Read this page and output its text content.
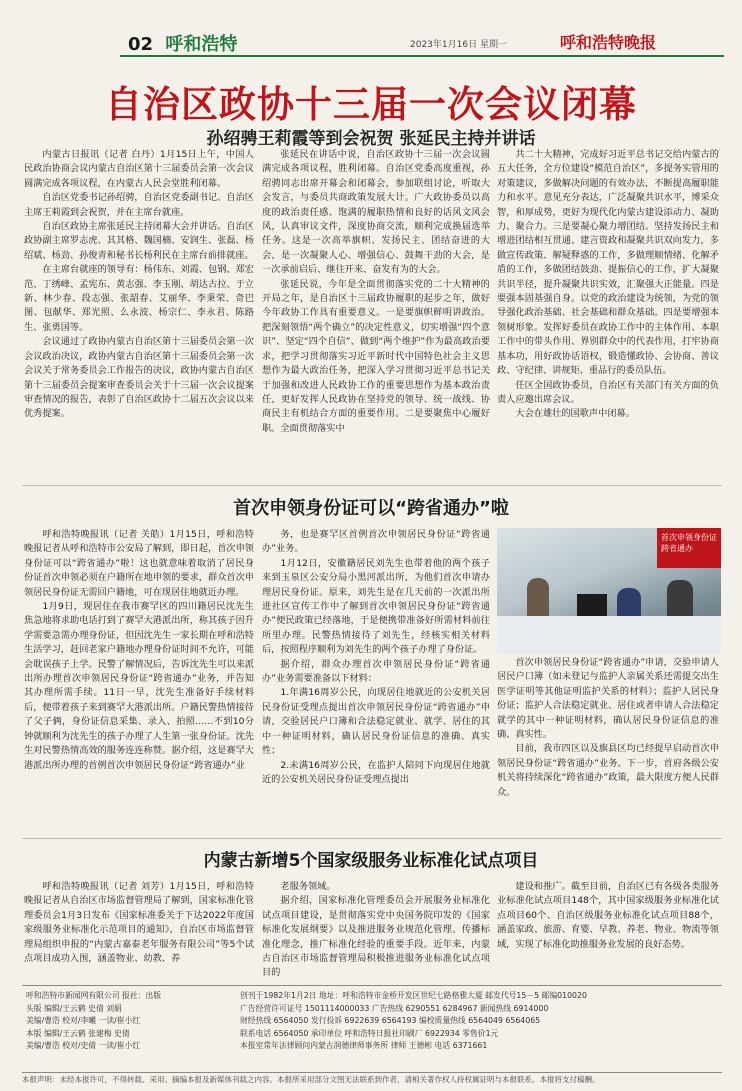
02 呼和浩特	2023年1月16日 星期一	呼和浩特晚报
自治区政协十三届一次会议闭幕
孙绍骋王莉霞等到会祝贺 张延民主持并讲话

内蒙古日报讯（记者 白丹）1月15日上午，中国人民政治协商会议内蒙古自治区第十三届委员会第一次会议圆满完成各项议程，在内蒙古人民会堂胜利闭幕。

自治区党委书记孙绍骋，自治区党委副书记、自治区主席王莉霞到会祝贺，并在主席台就座。

自治区政协主席张延民主持闭幕大会并讲话。自治区政协副主席罗志虎、其其格、魏国楠、安润生、张磊、杨绍斌、杨劲、孙俊青和秘书长杨利民在主席台前排就座。

在主席台就座的领导有：杨伟东、刘霞、包钢、郑宏范、丁绣峰、孟宪东、黄志强、李玉刚、胡达古拉、于立新、林少春、段志强、张韶春、艾丽华、李秉荣、奇巴图、包献华、郑光照、么永波、杨宗仁、李永君、陈路生、张勇国等。

会议通过了政协内蒙古自治区第十三届委员会第一次会议政治决议，政协内蒙古自治区第十三届委员会第一次会议关于常务委员会工作报告的决议，政协内蒙古自治区第十三届委员会提案审查委员会关于十三届一次会议提案审查情况的报告，表彰了自治区政协十二届五次会议以来优秀提案。

张延民在讲话中说，自治区政协十三届一次会议圆满完成各项议程，胜利闭幕。自治区党委高度重视，孙绍骋同志出席开幕会和闭幕会，参加联组讨论，听取大会发言，与委员共商政策发展大计。广大政协委员以高度的政治责任感、饱满的履职热情和良好的话风文风会风，认真审议文件，深度协商交流，顺利完成换届选举任务。这是一次高举旗帜、发扬民主、团结奋进的大会，是一次凝聚人心、增强信心、鼓舞干劲的大会，是一次承前启后、继往开来、奋发有为的大会。

张延民说，今年是全面贯彻落实党的二十大精神的开局之年，是自治区十三届政协履职的起步之年，做好今年政协工作具有重要意义。一是要旗帜鲜明讲政治。把深刻领悟“两个确立”的决定性意义，切实增强“四个意识”、坚定“四个自信”、做到“两个维护”作为最高政治要求，把学习贯彻落实习近平新时代中国特色社会主义思想作为最大政治任务，把深入学习贯彻习近平总书记关于加强和改进人民政协工作的重要思想作为基本政治责任，更好发挥人民政协在坚持党的领导、统一战线、协商民主有机结合方面的重要作用。二是要聚焦中心履好职。全面贯彻落实中

共二十大精神，完成好习近平总书记交给内蒙古的五大任务，全方位建设“模范自治区”，多提务实管用的对策建议，多做解决问题的有效办法，不断提高履职能力和水平。意见充分表达，广泛凝聚共识水平，博采众智，和厚成势，更好为现代化内蒙古建设添动力、凝助力、聚合力。三是要凝心聚力增团结。坚持发扬民主和增进团结相互贯通、建言资政和凝聚共识双向发力，多做宣传政策、解疑释惑的工作，多做理顺情绪、化解矛盾的工作，多做团结鼓劲、提振信心的工作，扩大凝聚共识半径，提升凝聚共识实效，汇聚强大正能量。四是要强本固基强自身。以党的政治建设为统领，为党的领导强化政治基础、社会基础和群众基础。四是要增强本领树形象。发挥好委员在政协工作中的主体作用、本职工作中的带头作用、界别群众中的代表作用，打牢协商基本功，用好政协话语权，锻造懂政协、会协商、善议政、守纪律、讲规矩、重品行的委员队伍。

任区全国政协委员，自治区有关部门有关方面的负责人应邀出席会议。

大会在雄壮的国歌声中闭幕。

首次申领身份证可以“跨省通办”啦

呼和浩特晚报讯（记者 关皓）1月15日，呼和浩特晚报记者从呼和浩特市公安局了解到，即日起，首次申领身份证可以“跨省通办”啦！这也就意味着取消了居民身份证首次申领必须在户籍所在地申领的要求，群众首次申领居民身份证无需回户籍地，可在现居住地就近办理。

1月9日，现居住在我市赛罕区的四川籍居民沈先生焦急地将求助电话打到了赛罕大港派出所，称其孩子因升学需要急需办理身份证，但因沈先生一家长期在呼和浩特生活学习，赶回老家户籍地办理身份证时间不允许，可能会耽误孩子上学。民警了解情况后，告诉沈先生可以来派出所办理首次申领居民身份证“跨省通办”业务，并告知其办理所需手续。11日一早，沈先生准备好手续材料后，便带着孩子来到赛罕大港派出所。户籍民警热情接待了父子俩，身份证信息采集、录入、拍照……不到10分钟就顺利为沈先生的孩子办理了人生第一张身份证。沈先生对民警热情高效的服务连连称赞。据介绍，这是赛罕大港派出所办理的首例首次申领居民身份证“跨省通办”业

务，也是赛罕区首例首次申领居民身份证“跨省通办”业务。

1月12日，安徽籍居民刘先生也带着他的两个孩子来到玉泉区公安分局小黑河派出所，为他们首次申请办理居民身份证。原来，刘先生是在几天前的一次派出所进社区宣传工作中了解到首次申领居民身份证“跨省通办”便民政策已经落地，于是便携带准备好所需材料前往所里办理。民警热情接待了刘先生，经核实相关材料后，按照程序顺利为刘先生的两个孩子办理了身份证。

据介绍，群众办理首次申领居民身份证“跨省通办”业务需要准备以下材料：

1.年满16周岁公民，向现居住地就近的公安机关居民身份证受理点提出首次申领居民身份证“跨省通办”申请，交验居民户口簿和合法稳定就业、就学、居住的其中一种证明材料，确认居民身份证信息的准确、真实性；

2.未满16周岁公民，在监护人陪同下向现居住地就近的公安机关居民身份证受理点提出

首次申领身份证跨省通办

首次申领居民身份证“跨省通办”申请，交验申请人居民户口簿（如未登记与监护人亲属关系还需提交出生医学证明等其他证明监护关系的材料）；监护人居民身份证；监护人合法稳定就业、居住或者申请人合法稳定就学的其中一种证明材料，确认居民身份证信息的准确、真实性。

目前，我市四区以及旗县区均已经提早启动首次申领居民身份证“跨省通办”业务。下一步，首府各级公安机关将持续深化“跨省通办”政策，最大限度方便人民群众。

内蒙古新增5个国家级服务业标准化试点项目

呼和浩特晚报讯（记者 刘芳）1月15日，呼和浩特晚报记者从自治区市场监督管理局了解到，国家标准化管理委员会1月3日发布《国家标准委关于下达2022年度国家级服务业标准化示范项目的通知》，自治区市场监督管理局组织申报的“内蒙古嘉泰老年服务有限公司”等5个试点项目成功入围，涵盖物业、幼教、养

老服务领域。

据介绍，国家标准化管理委员会开展服务业标准化试点项目建设，是贯彻落实党中央国务院印发的《国家标准化发展纲要》以及推进服务业规范化管理、传播标准化理念，推广标准化经验的重要手段。近年来，内蒙古自治区市场监督管理局积极推进服务业标准化试点项目的

建设和推广。截至目前，自治区已有各级各类服务业标准化试点项目148个，其中国家级服务业标准化试点项目60个、自治区级服务业标准化试点项目88个，涵盖家政、旅游、育婴、早教、养老、物业、物流等领域，实现了标准化助推服务业发展的良好态势。

呼和浩特市新闻网有限公司 报社：出版
头版 编辑/王云鹤 史倩 刘娟
美编/曹浩 校对/李曦 一读/崔小红
本版 编辑/王云鹤 张建梅 史倩
美编/曹浩 校对/史倩 一读/崔小红
创刊于1982年1月2日 地址：呼和浩特市金桥开发区世纪七路格雅大厦 邮发代号15－5 邮编010020
广告经营许可证号 1501114000033 广告热线 6290551 6284967 新闻热线 6914000
财经热线 6564050 发行投诉 6922639 6564193 编校质量热线 6564049 6564065
联系电话 6564050 承印单位 呼和浩特日报社印刷厂 6922934 零售价1元
本报室常年法律顾问内蒙古润德律师事务所 律师 王德彬 电话 6371661
本报声明：未经本报许可，不得转载、采用、摘编本报及新媒体刊载之内容。本报所采用部分文图无法联系到作者，请相关著作权人持权属证明与本报联系。本报将支付稿酬。
